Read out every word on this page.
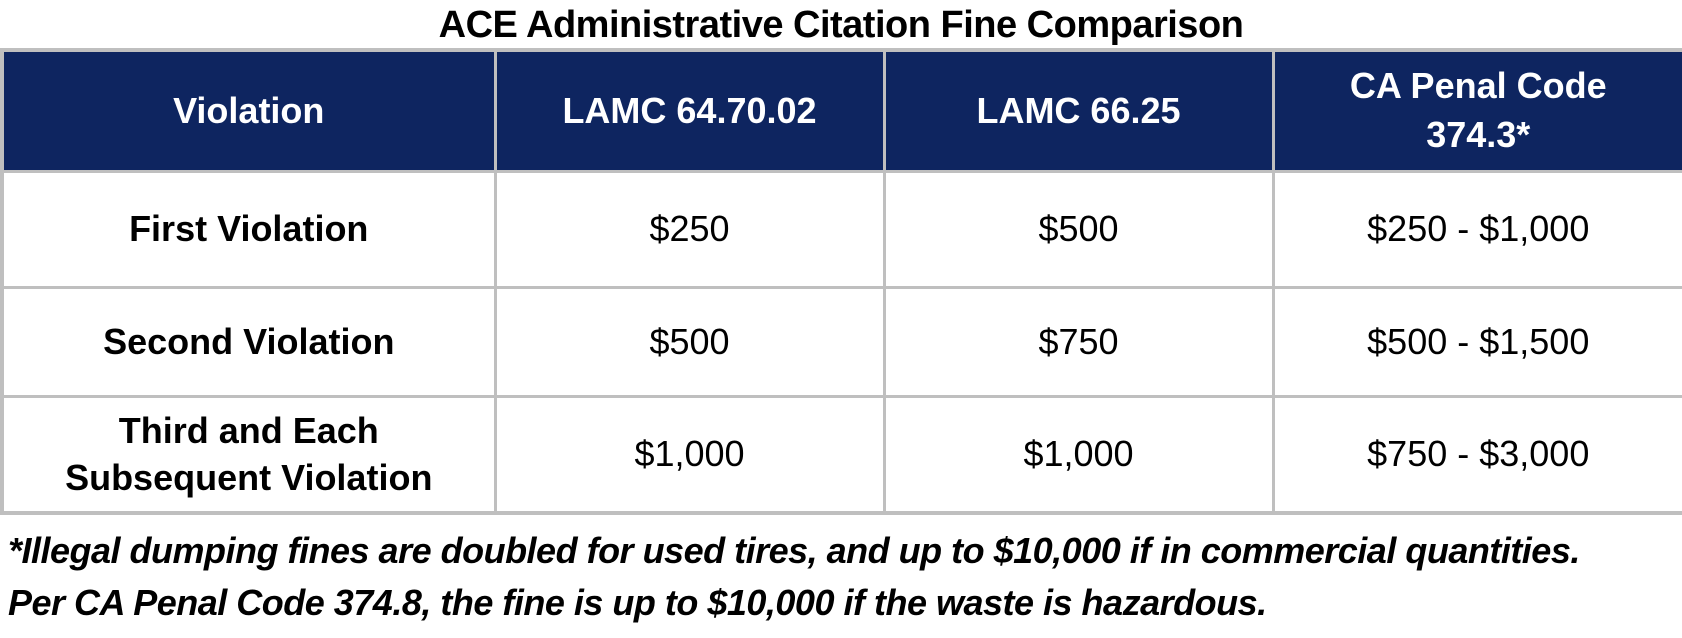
ACE Administrative Citation Fine Comparison
Violation	LAMC 64.70.02	LAMC 66.25	CA Penal Code 374.3*
First Violation	$250	$500	$250 - $1,000
Second Violation	$500	$750	$500 - $1,500
Third and Each Subsequent Violation	$1,000	$1,000	$750 - $3,000
*Illegal dumping fines are doubled for used tires, and up to $10,000 if in commercial quantities.
Per CA Penal Code 374.8, the fine is up to $10,000 if the waste is hazardous.
